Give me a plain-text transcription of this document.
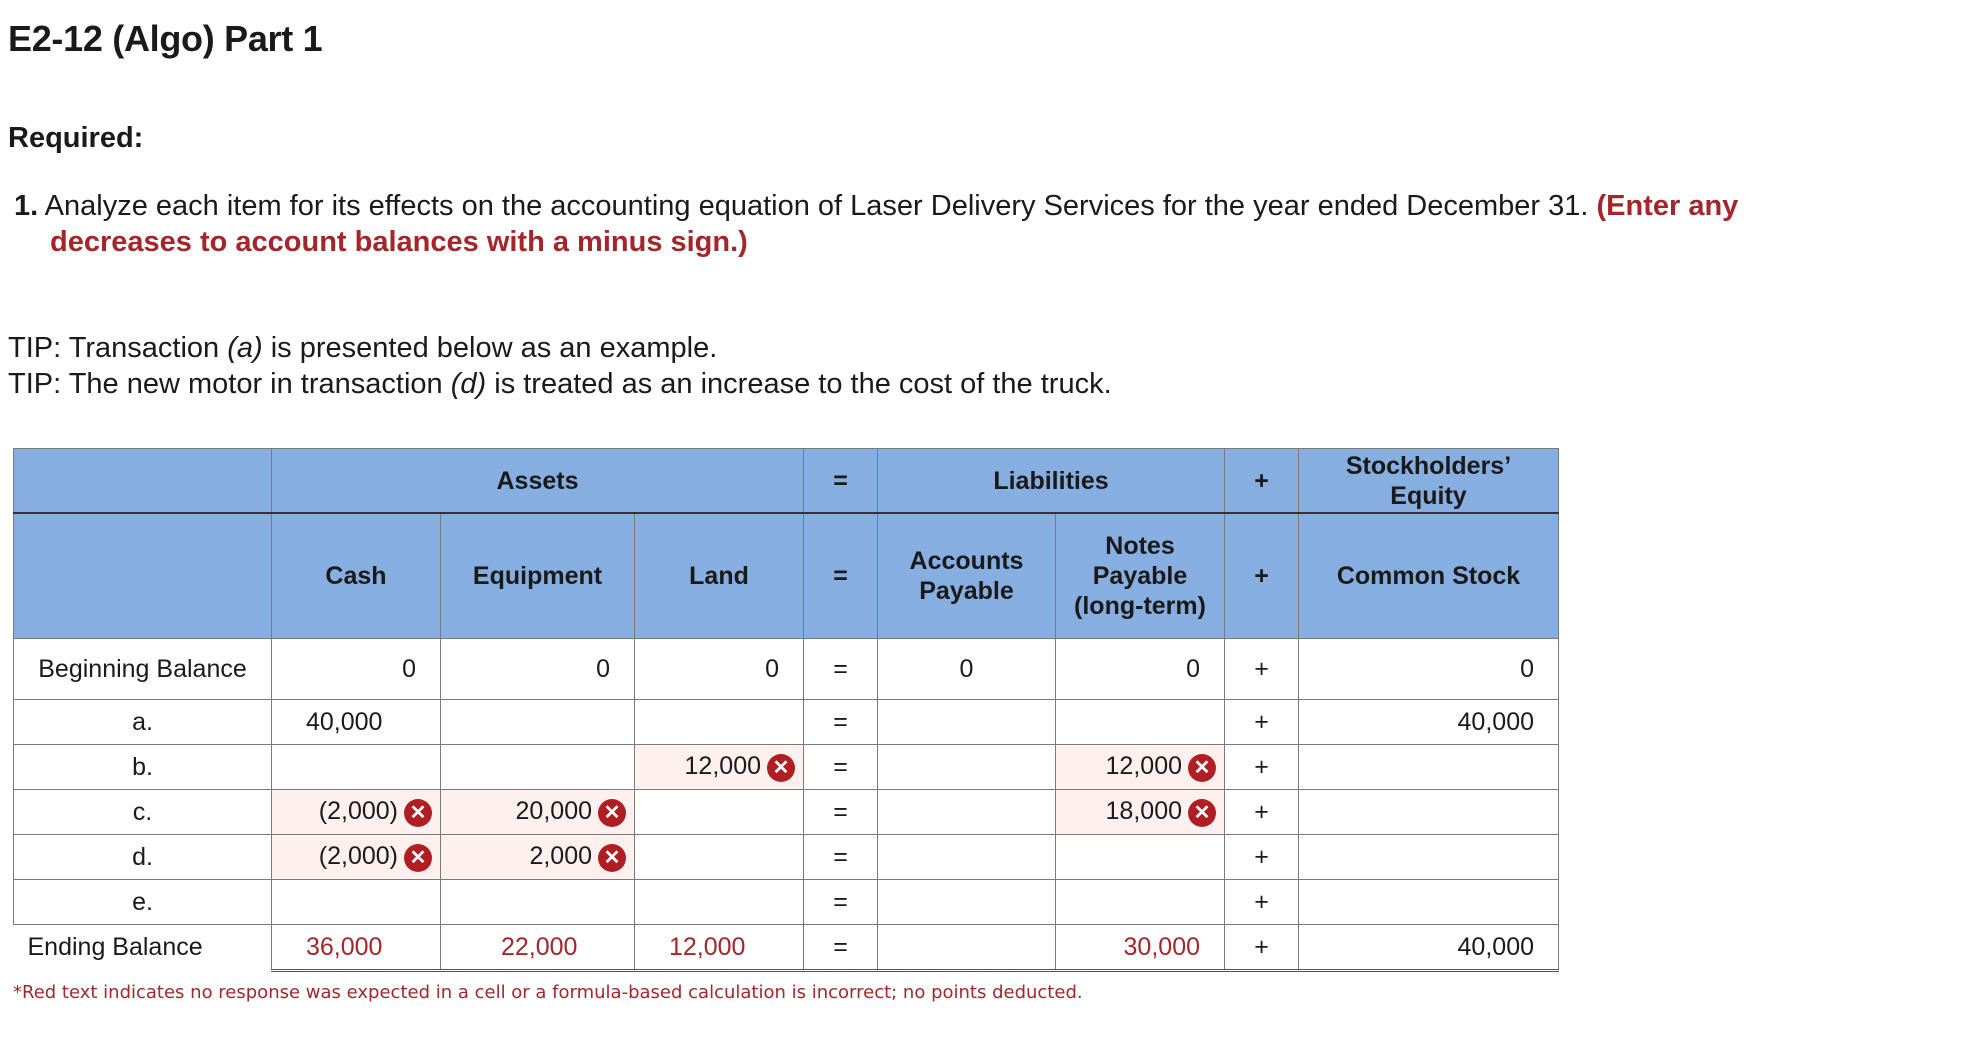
E2-12 (Algo) Part 1
Required:
1. Analyze each item for its effects on the accounting equation of Laser Delivery Services for the year ended December 31. (Enter any
decreases to account balances with a minus sign.)
TIP: Transaction (a) is presented below as an example.
TIP: The new motor in transaction (d) is treated as an increase to the cost of the truck.
	Assets			=	Liabilities		+	Stockholders’ Equity
	Cash	Equipment	Land	=	Accounts Payable	Notes Payable (long-term)	+	Common Stock
Beginning Balance	0	0	0	=	0	0	+	0
a.	40,000			=			+	40,000
b.			12,000 ✕	=		12,000 ✕	+	
c.	(2,000) ✕	20,000 ✕		=		18,000 ✕	+	
d.	(2,000) ✕	2,000 ✕		=			+	
e.				=			+	
Ending Balance	36,000	22,000	12,000	=		30,000	+	40,000
*Red text indicates no response was expected in a cell or a formula-based calculation is incorrect; no points deducted.
